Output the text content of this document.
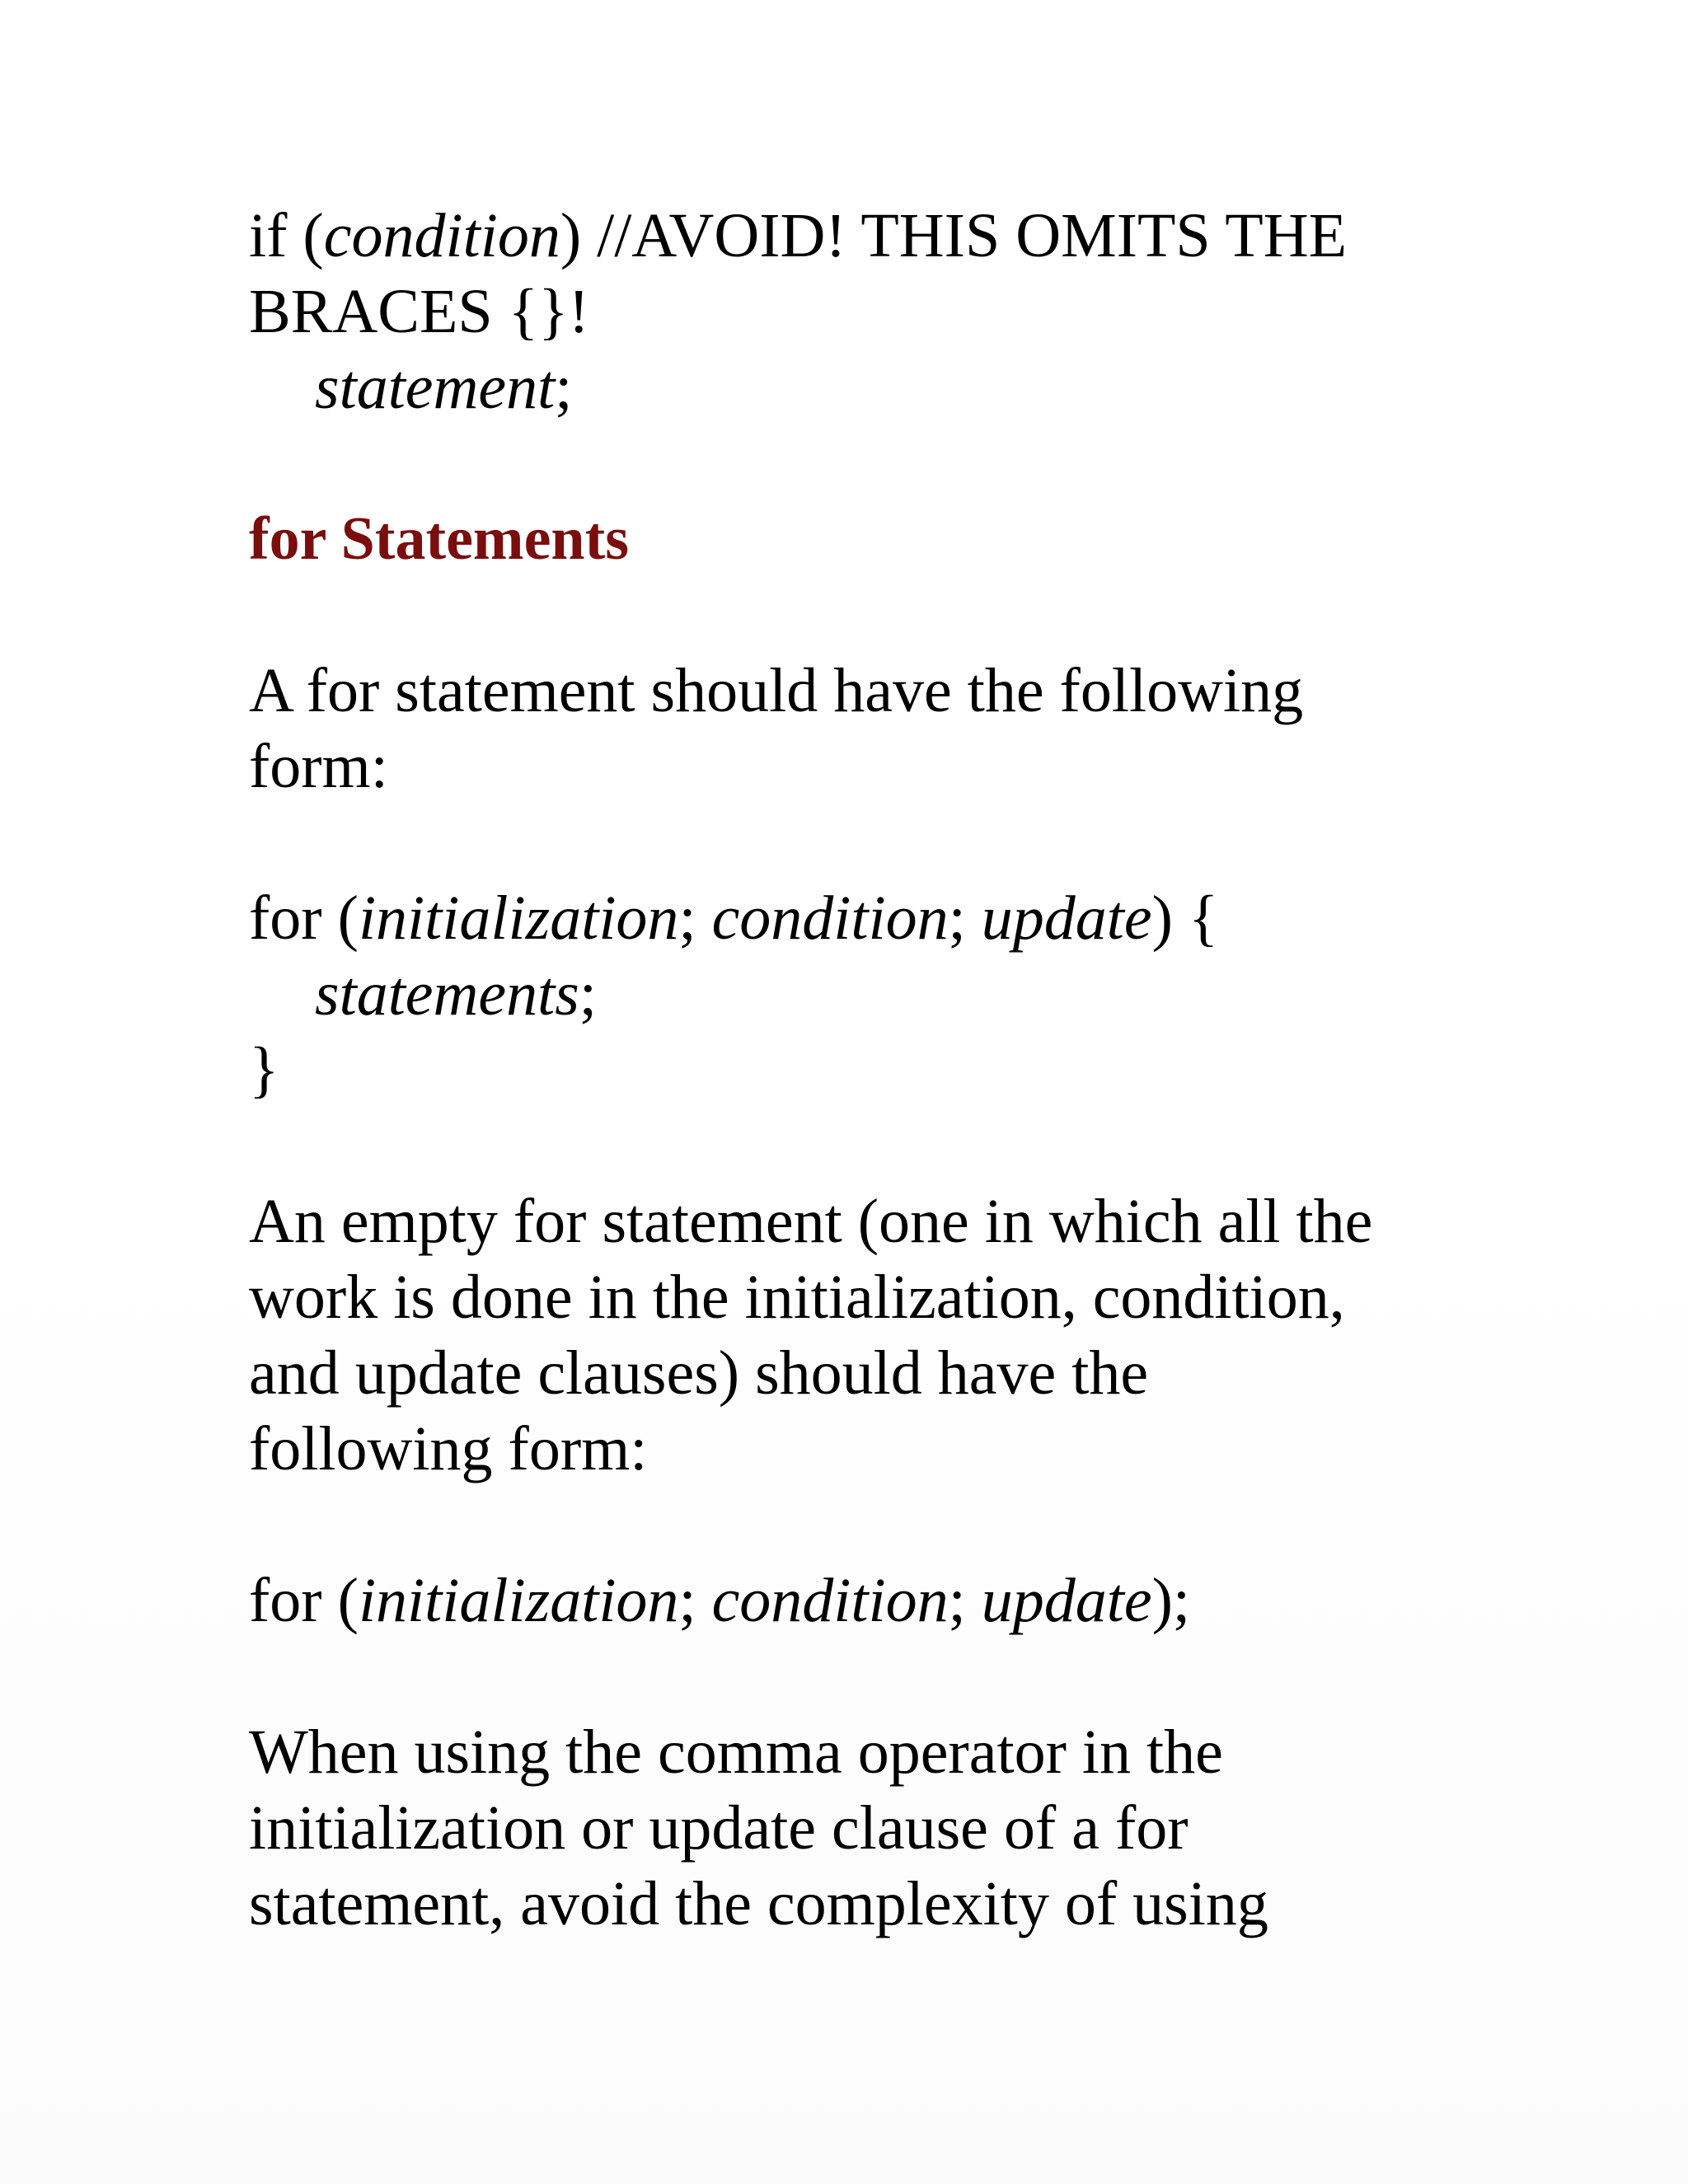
if (condition) //AVOID! THIS OMITS THE

BRACES {}!

statement;

for Statements

A for statement should have the following

form:

for (initialization; condition; update) {

statements;

}

An empty for statement (one in which all the

work is done in the initialization, condition,

and update clauses) should have the

following form:

for (initialization; condition; update);

When using the comma operator in the

initialization or update clause of a for

statement, avoid the complexity of using
